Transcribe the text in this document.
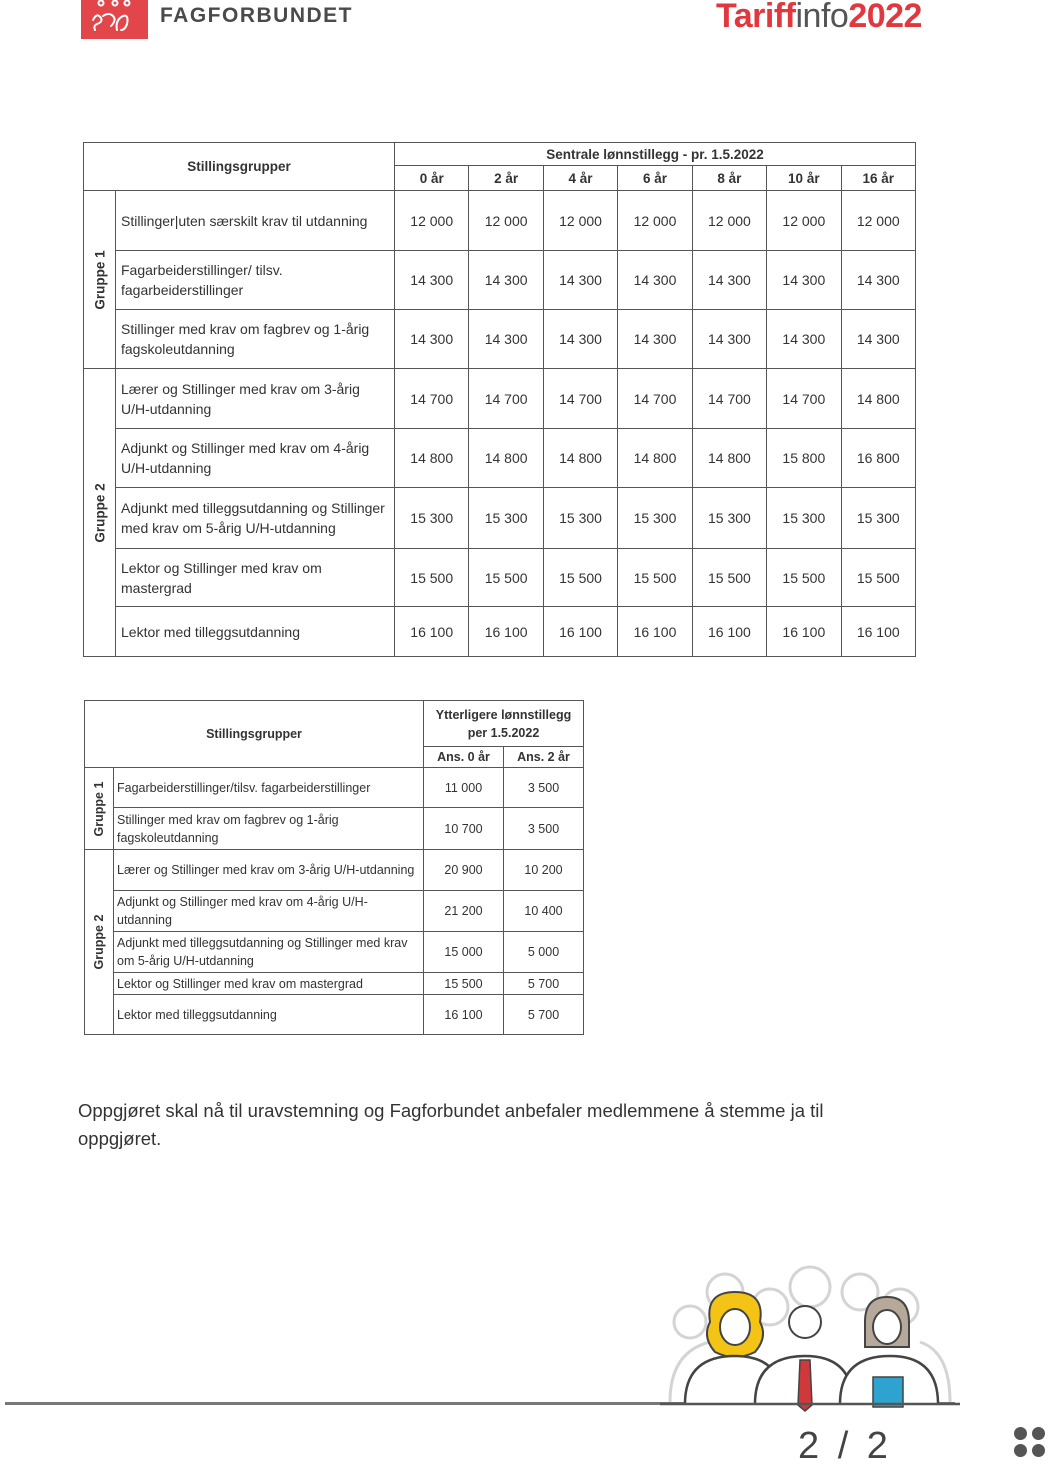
FAGFORBUNDET	Tariffinfo2022
Stillingsgrupper		Sentrale lønnstillegg - pr. 1.5.2022						
		0 år	2 år	4 år	6 år	8 år	10 år	16 år

Gruppe 1	Stillinger|uten særskilt krav til utdanning	12 000	12 000	12 000	12 000	12 000	12 000	12 000
	Fagarbeiderstillinger/ tilsv. fagarbeiderstillinger	14 300	14 300	14 300	14 300	14 300	14 300	14 300
	Stillinger med krav om fagbrev og 1-årig fagskoleutdanning	14 300	14 300	14 300	14 300	14 300	14 300	14 300

Gruppe 2	Lærer og Stillinger med krav om 3-årig U/H-utdanning	14 700	14 700	14 700	14 700	14 700	14 700	14 800
	Adjunkt og Stillinger med krav om 4-årig U/H-utdanning	14 800	14 800	14 800	14 800	14 800	15 800	16 800
	Adjunkt med tilleggsutdanning og Stillinger med krav om 5-årig U/H-utdanning	15 300	15 300	15 300	15 300	15 300	15 300	15 300
	Lektor og Stillinger med krav om mastergrad	15 500	15 500	15 500	15 500	15 500	15 500	15 500
	Lektor med tilleggsutdanning	16 100	16 100	16 100	16 100	16 100	16 100	16 100
Stillingsgrupper		Ytterligere lønnstillegg per 1.5.2022	
		Ans. 0 år	Ans. 2 år

Gruppe 1	Fagarbeiderstillinger/tilsv. fagarbeiderstillinger	11 000	3 500
	Stillinger med krav om fagbrev og 1-årig fagskoleutdanning	10 700	3 500

Gruppe 2	Lærer og Stillinger med krav om 3-årig U/H-utdanning	20 900	10 200
	Adjunkt og Stillinger med krav om 4-årig U/H-utdanning	21 200	10 400
	Adjunkt med tilleggsutdanning og Stillinger med krav om 5-årig U/H-utdanning	15 000	5 000
	Lektor og Stillinger med krav om mastergrad	15 500	5 700
	Lektor med tilleggsutdanning	16 100	5 700
Oppgjøret skal nå til uravstemning og Fagforbundet anbefaler medlemmene å stemme ja til oppgjøret.
2 / 2
